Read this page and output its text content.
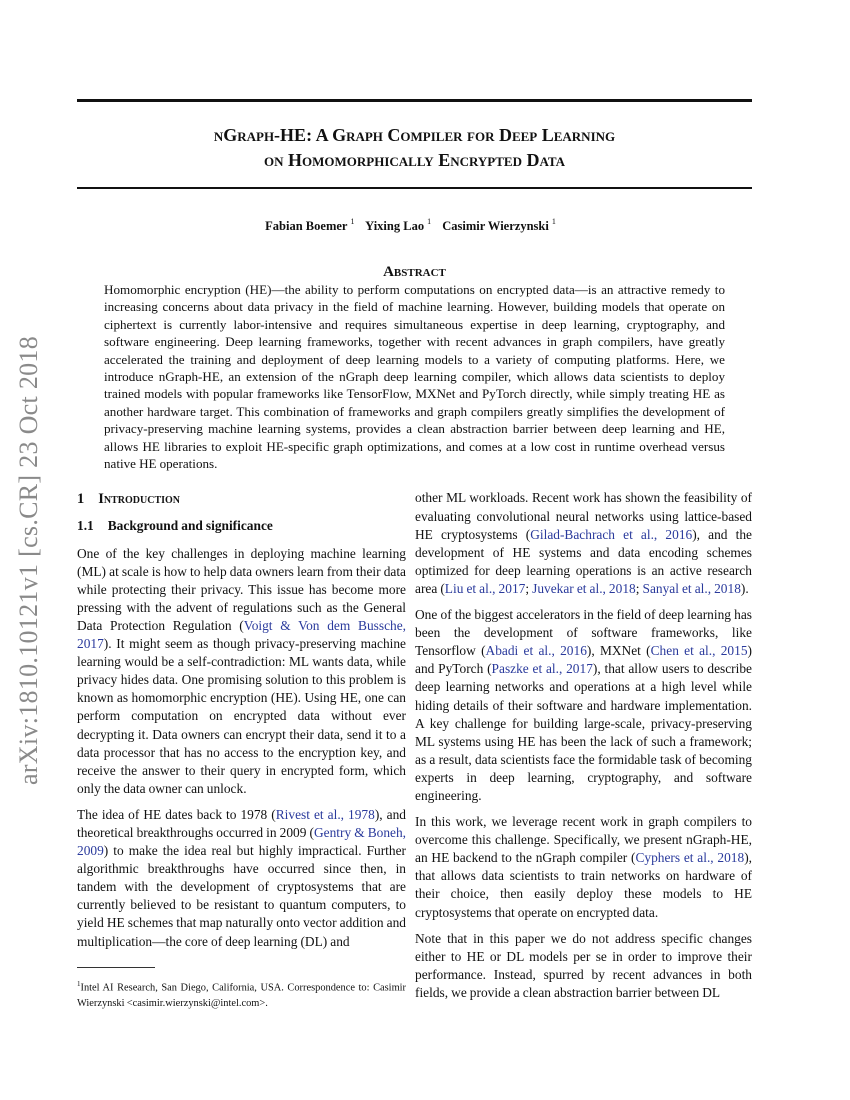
arXiv:1810.10121v1 [cs.CR] 23 Oct 2018
nGraph-HE: A Graph Compiler for Deep Learning
on Homomorphically Encrypted Data
Fabian Boemer $^1$ Yixing Lao $^1$ Casimir Wierzynski $^1$
Abstract
Homomorphic encryption (HE)—the ability to perform computations on encrypted data—is an attractive remedy to increasing concerns about data privacy in the field of machine learning. However, building models that operate on ciphertext is currently labor-intensive and requires simultaneous expertise in deep learning, cryptography, and software engineering. Deep learning frameworks, together with recent advances in graph compilers, have greatly accelerated the training and deployment of deep learning models to a variety of computing platforms. Here, we introduce nGraph-HE, an extension of the nGraph deep learning compiler, which allows data scientists to deploy trained models with popular frameworks like TensorFlow, MXNet and PyTorch directly, while simply treating HE as another hardware target. This combination of frameworks and graph compilers greatly simplifies the development of privacy-preserving machine learning systems, provides a clean abstraction barrier between deep learning and HE, allows HE libraries to exploit HE-specific graph optimizations, and comes at a low cost in runtime overhead versus native HE operations.
1 Introduction
1.1 Background and significance

One of the key challenges in deploying machine learning (ML) at scale is how to help data owners learn from their data while protecting their privacy. This issue has become more pressing with the advent of regulations such as the General Data Protection Regulation (Voigt & Von dem Bussche, 2017). It might seem as though privacy-preserving machine learning would be a self-contradiction: ML wants data, while privacy hides data. One promising solution to this problem is known as homomorphic encryption (HE). Using HE, one can perform computation on encrypted data without ever decrypting it. Data owners can encrypt their data, send it to a data processor that has no access to the encryption key, and receive the answer to their query in encrypted form, which only the data owner can unlock.

The idea of HE dates back to 1978 (Rivest et al., 1978), and theoretical breakthroughs occurred in 2009 (Gentry & Boneh, 2009) to make the idea real but highly impractical. Further algorithmic breakthroughs have occurred since then, in tandem with the development of cryptosystems that are currently believed to be resistant to quantum computers, to yield HE schemes that map naturally onto vector addition and multiplication—the core of deep learning (DL) and

$^1$Intel AI Research, San Diego, California, USA. Correspondence to: Casimir Wierzynski <casimir.wierzynski@intel.com>.

other ML workloads. Recent work has shown the feasibility of evaluating convolutional neural networks using lattice-based HE cryptosystems (Gilad-Bachrach et al., 2016), and the development of HE systems and data encoding schemes optimized for deep learning operations is an active research area (Liu et al., 2017; Juvekar et al., 2018; Sanyal et al., 2018).

One of the biggest accelerators in the field of deep learning has been the development of software frameworks, like Tensorflow (Abadi et al., 2016), MXNet (Chen et al., 2015) and PyTorch (Paszke et al., 2017), that allow users to describe deep learning networks and operations at a high level while hiding details of their software and hardware implementation. A key challenge for building large-scale, privacy-preserving ML systems using HE has been the lack of such a framework; as a result, data scientists face the formidable task of becoming experts in deep learning, cryptography, and software engineering.

In this work, we leverage recent work in graph compilers to overcome this challenge. Specifically, we present nGraph-HE, an HE backend to the nGraph compiler (Cyphers et al., 2018), that allows data scientists to train networks on hardware of their choice, then easily deploy these models to HE cryptosystems that operate on encrypted data.

Note that in this paper we do not address specific changes either to HE or DL models per se in order to improve their performance. Instead, spurred by recent advances in both fields, we provide a clean abstraction barrier between DL
